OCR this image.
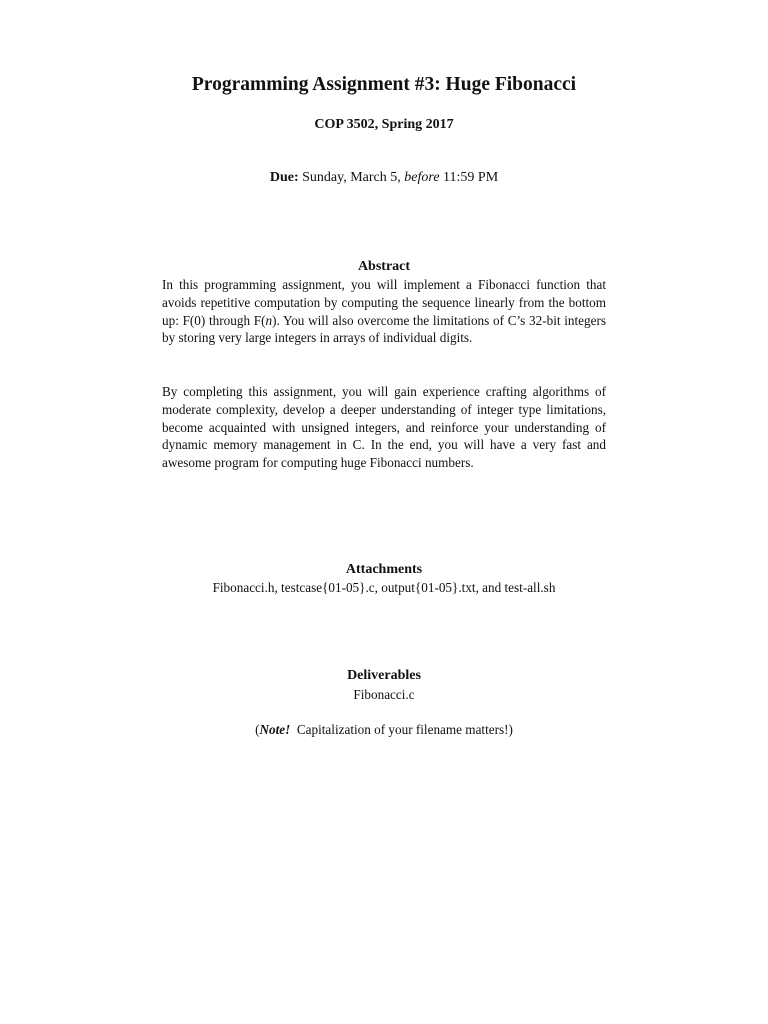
Programming Assignment #3: Huge Fibonacci
COP 3502, Spring 2017
Due: Sunday, March 5, before 11:59 PM
Abstract
In this programming assignment, you will implement a Fibonacci function that avoids repetitive computation by computing the sequence linearly from the bottom up: F(0) through F(n). You will also overcome the limitations of C’s 32-bit integers by storing very large integers in arrays of individual digits.
By completing this assignment, you will gain experience crafting algorithms of moderate complexity, develop a deeper understanding of integer type limitations, become acquainted with unsigned integers, and reinforce your understanding of dynamic memory management in C. In the end, you will have a very fast and awesome program for computing huge Fibonacci numbers.
Attachments
Fibonacci.h, testcase{01-05}.c, output{01-05}.txt, and test-all.sh
Deliverables
Fibonacci.c
(Note!  Capitalization of your filename matters!)
